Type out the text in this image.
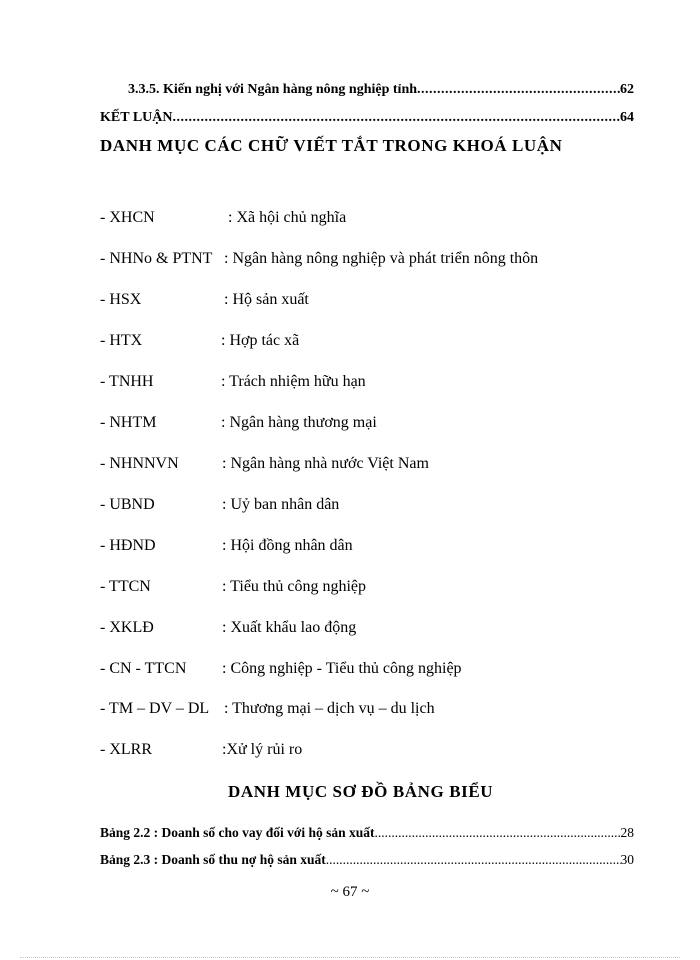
3.3.5. Kiến nghị với Ngân hàng nông nghiệp tỉnh .....	62
KẾT LUẬN .....	64
DANH MỤC CÁC CHỮ VIẾT TẮT TRONG KHOÁ LUẬN
- XHCN	: Xã hội chủ nghĩa
- NHNo & PTNT : Ngân hàng nông nghiệp và phát triển nông thôn
- HSX	: Hộ sản xuất
- HTX	: Hợp tác xã
- TNHH	: Trách nhiệm hữu hạn
- NHTM	: Ngân hàng thương mại
- NHNNVN	: Ngân hàng nhà nước Việt Nam
- UBND	: Uỷ ban nhân dân
- HĐND	: Hội đồng nhân dân
- TTCN	: Tiểu thủ công nghiệp
- XKLĐ	: Xuất khẩu lao động
- CN - TTCN : Công nghiệp - Tiểu thủ công nghiệp
- TM – DV – DL : Thương mại – dịch vụ – du lịch
- XLRR	:Xử lý rủi ro
DANH MỤC SƠ ĐỒ BẢNG BIỂU
Bảng 2.2 : Doanh số cho vay đối với hộ sản xuất .....	28
Bảng 2.3 : Doanh số thu nợ hộ sản xuất .....	30
~ 67 ~
